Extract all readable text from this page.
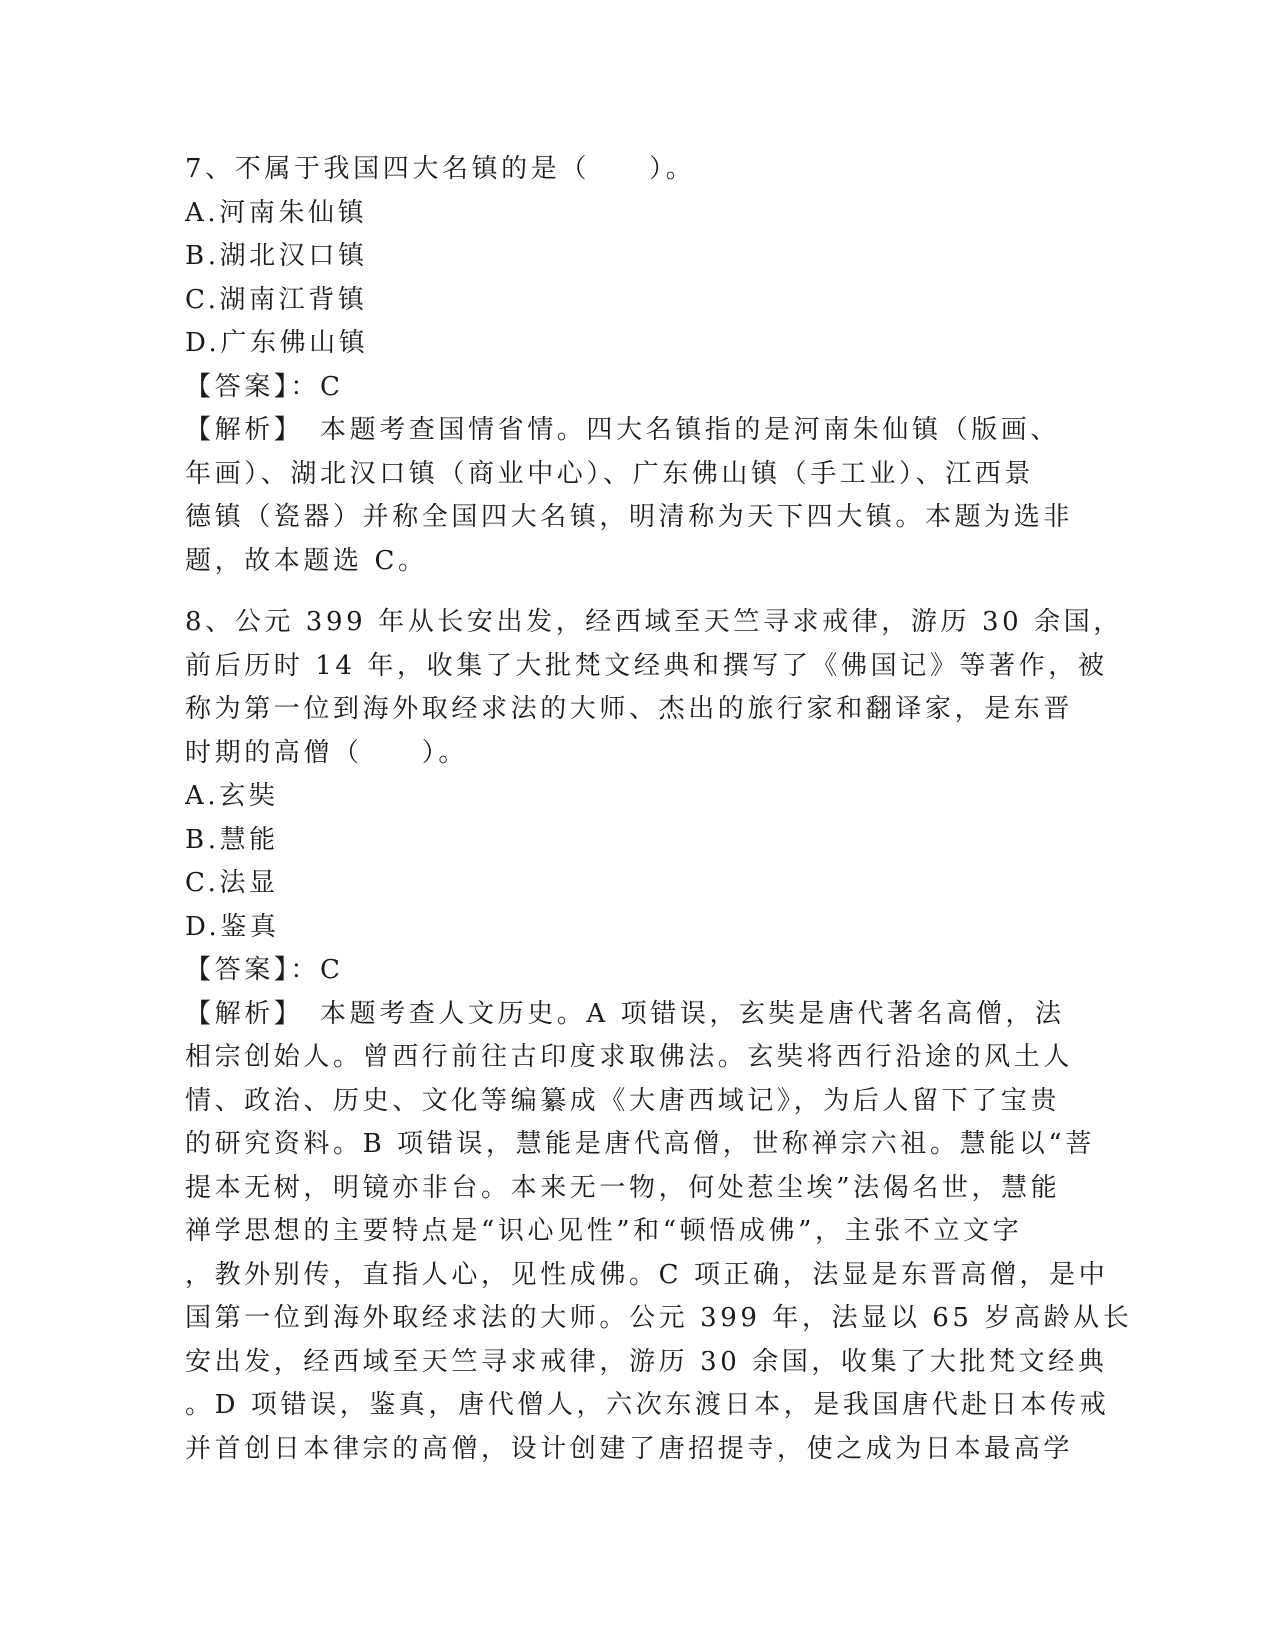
7、不属于我国四大名镇的是（　　）。
A.河南朱仙镇
B.湖北汉口镇
C.湖南江背镇
D.广东佛山镇
【答案】：C
【解析】　本题考查国情省情。四大名镇指的是河南朱仙镇（版画、
年画）、湖北汉口镇（商业中心）、广东佛山镇（手工业）、江西景
德镇（瓷器）并称全国四大名镇，明清称为天下四大镇。本题为选非
题，故本题选 C。
8、公元 399 年从长安出发，经西域至天竺寻求戒律，游历 30 余国，
前后历时 14 年，收集了大批梵文经典和撰写了《佛国记》等著作，被
称为第一位到海外取经求法的大师、杰出的旅行家和翻译家，是东晋
时期的高僧（　　）。
A.玄奘
B.慧能
C.法显
D.鉴真
【答案】：C
【解析】　本题考查人文历史。A 项错误，玄奘是唐代著名高僧，法
相宗创始人。曾西行前往古印度求取佛法。玄奘将西行沿途的风土人
情、政治、历史、文化等编纂成《大唐西域记》，为后人留下了宝贵
的研究资料。B 项错误，慧能是唐代高僧，世称禅宗六祖。慧能以“菩
提本无树，明镜亦非台。本来无一物，何处惹尘埃”法偈名世，慧能
禅学思想的主要特点是“识心见性”和“顿悟成佛”，主张不立文字
，教外别传，直指人心，见性成佛。C 项正确，法显是东晋高僧，是中
国第一位到海外取经求法的大师。公元 399 年，法显以 65 岁高龄从长
安出发，经西域至天竺寻求戒律，游历 30 余国，收集了大批梵文经典
。D 项错误，鉴真，唐代僧人，六次东渡日本，是我国唐代赴日本传戒
并首创日本律宗的高僧，设计创建了唐招提寺，使之成为日本最高学
